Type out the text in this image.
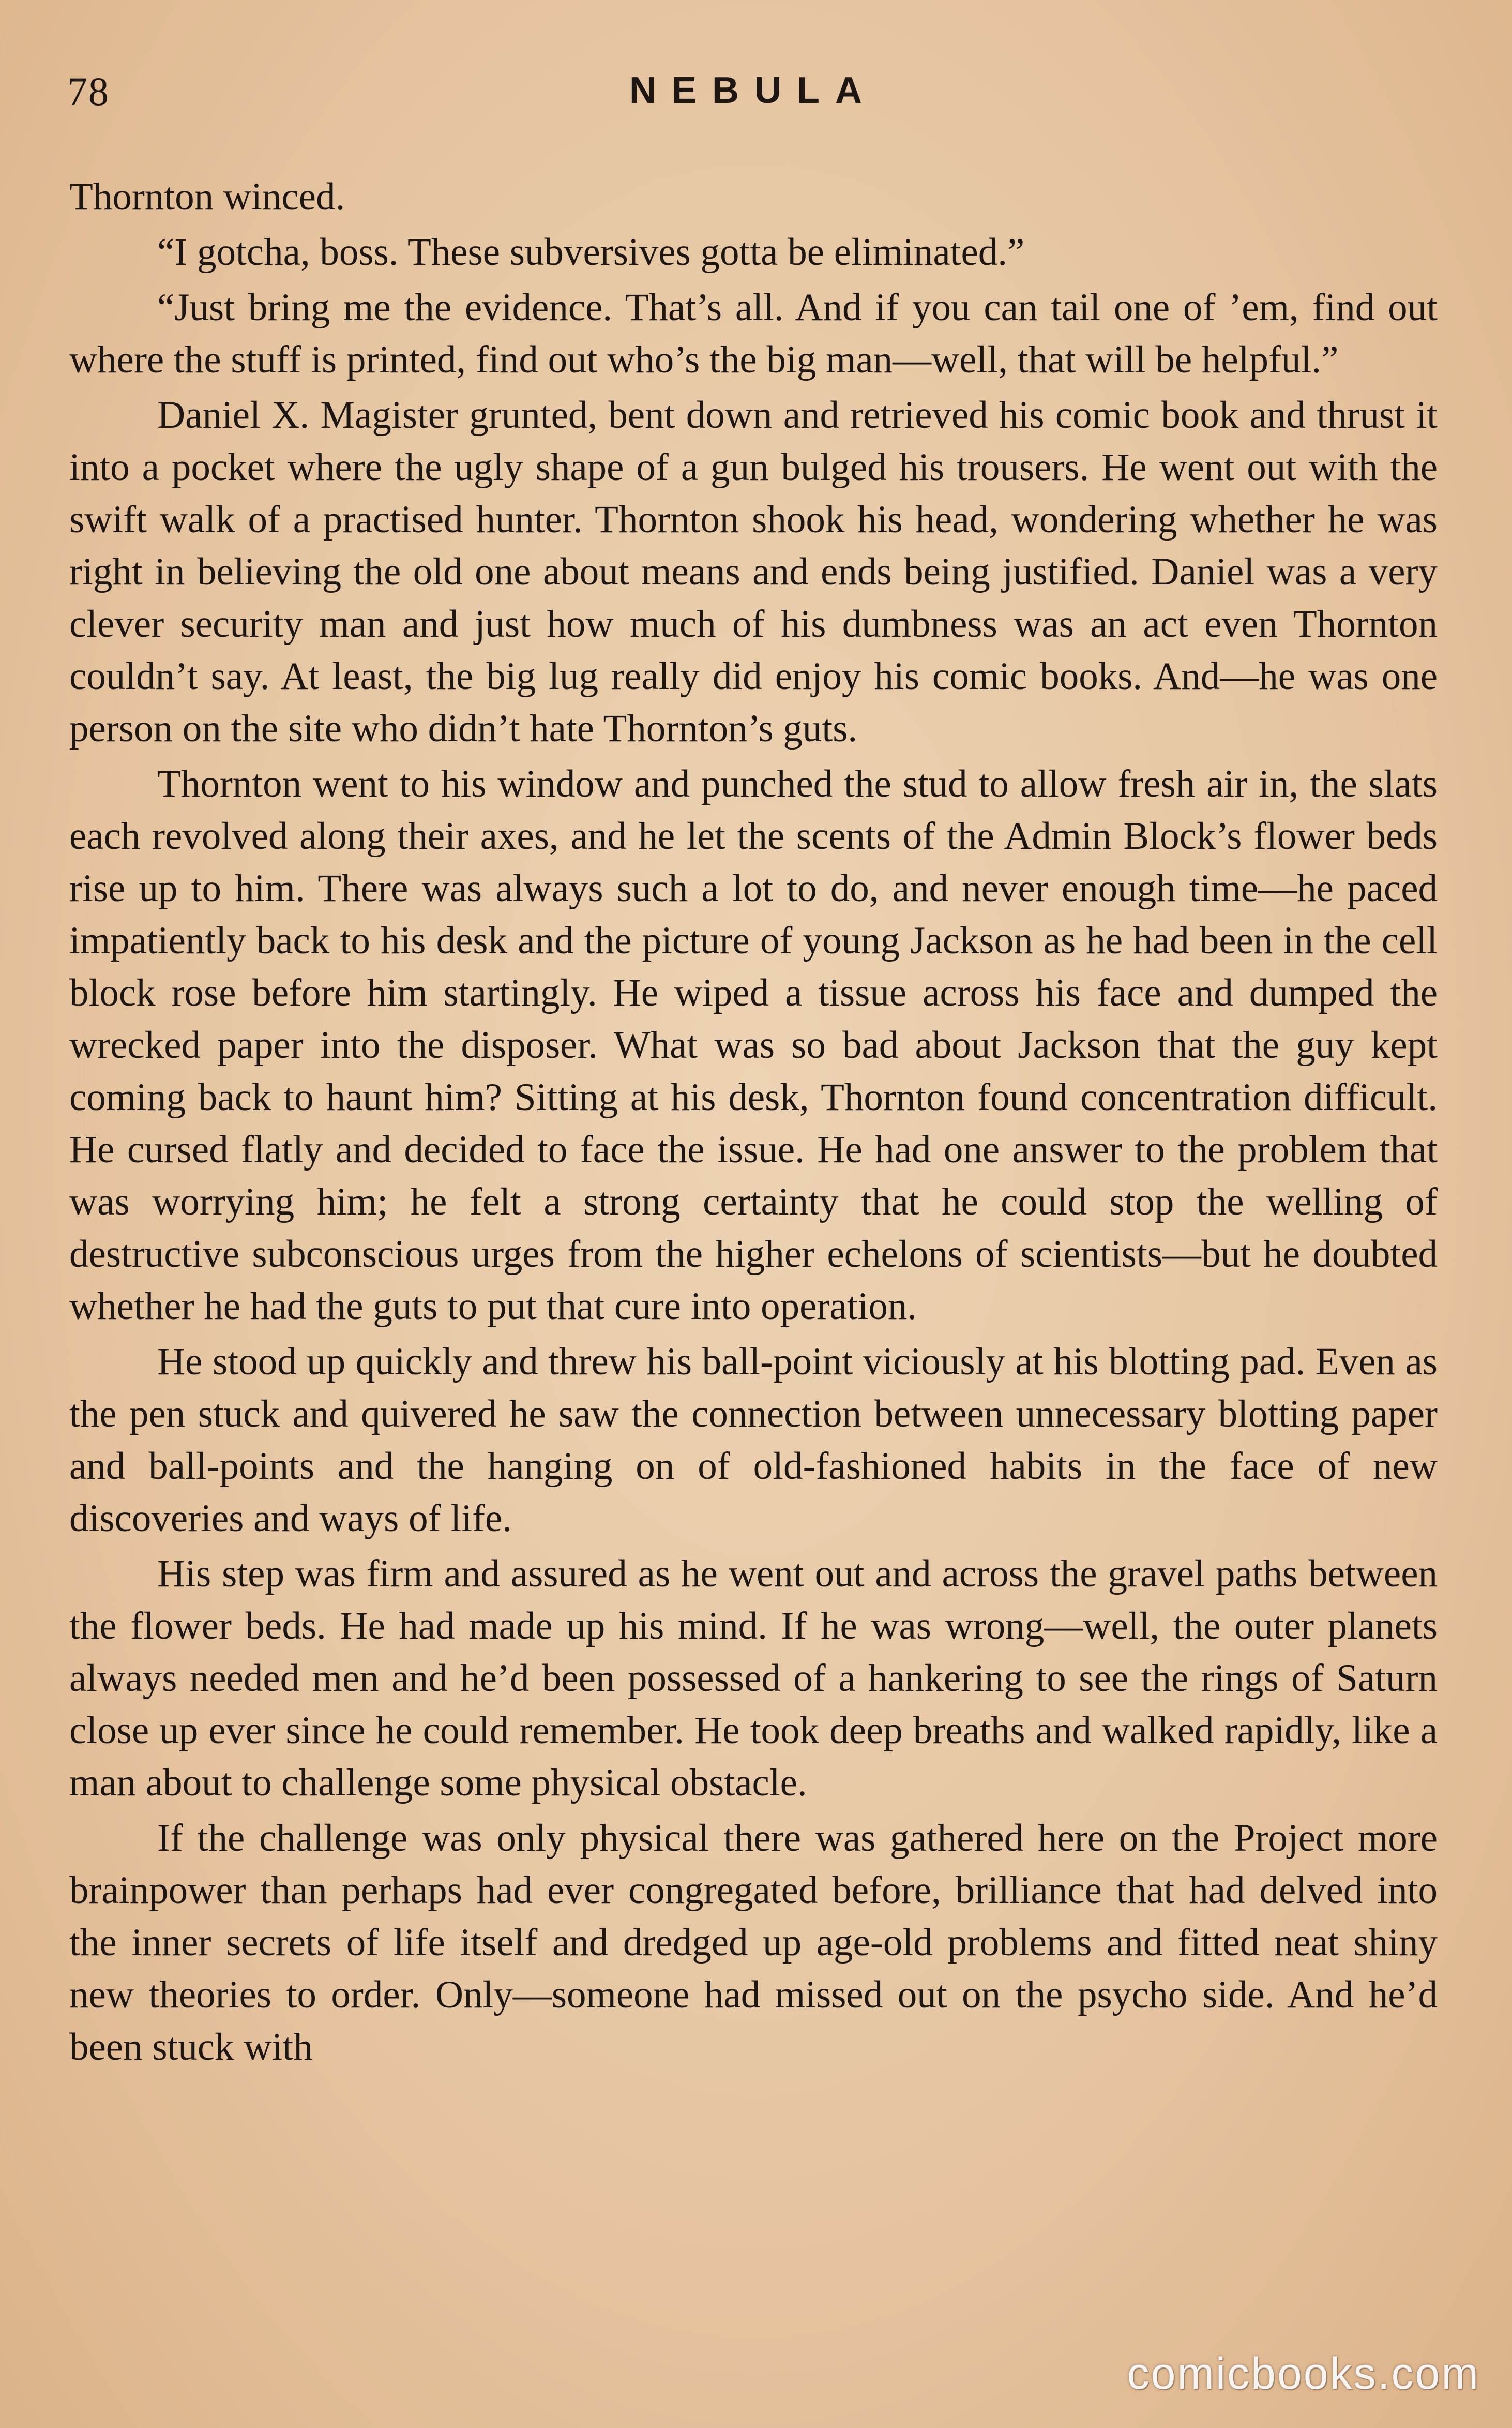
78	NEBULA

Thornton winced.

“I gotcha, boss. These subversives gotta be eliminated.”

“Just bring me the evidence. That’s all. And if you can tail one of ’em, find out where the stuff is printed, find out who’s the big man—well, that will be helpful.”

Daniel X. Magister grunted, bent down and retrieved his comic book and thrust it into a pocket where the ugly shape of a gun bulged his trousers. He went out with the swift walk of a practised hunter. Thornton shook his head, wondering whether he was right in believing the old one about means and ends being justified. Daniel was a very clever security man and just how much of his dumbness was an act even Thornton couldn’t say. At least, the big lug really did enjoy his comic books. And—he was one person on the site who didn’t hate Thornton’s guts.

Thornton went to his window and punched the stud to allow fresh air in, the slats each revolved along their axes, and he let the scents of the Admin Block’s flower beds rise up to him. There was always such a lot to do, and never enough time—he paced impatiently back to his desk and the picture of young Jackson as he had been in the cell block rose before him startingly. He wiped a tissue across his face and dumped the wrecked paper into the disposer. What was so bad about Jackson that the guy kept coming back to haunt him? Sitting at his desk, Thornton found concentration difficult. He cursed flatly and decided to face the issue. He had one answer to the problem that was worrying him; he felt a strong certainty that he could stop the welling of destructive subconscious urges from the higher echelons of scientists—but he doubted whether he had the guts to put that cure into operation.

He stood up quickly and threw his ball-point viciously at his blotting pad. Even as the pen stuck and quivered he saw the connection between unnecessary blotting paper and ball-points and the hanging on of old-fashioned habits in the face of new discoveries and ways of life.

His step was firm and assured as he went out and across the gravel paths between the flower beds. He had made up his mind. If he was wrong—well, the outer planets always needed men and he’d been possessed of a hankering to see the rings of Saturn close up ever since he could remember. He took deep breaths and walked rapidly, like a man about to challenge some physical obstacle.

If the challenge was only physical there was gathered here on the Project more brainpower than perhaps had ever congregated before, brilliance that had delved into the inner secrets of life itself and dredged up age-old problems and fitted neat shiny new theories to order. Only—someone had missed out on the psycho side. And he’d been stuck with

comicbooks.com
